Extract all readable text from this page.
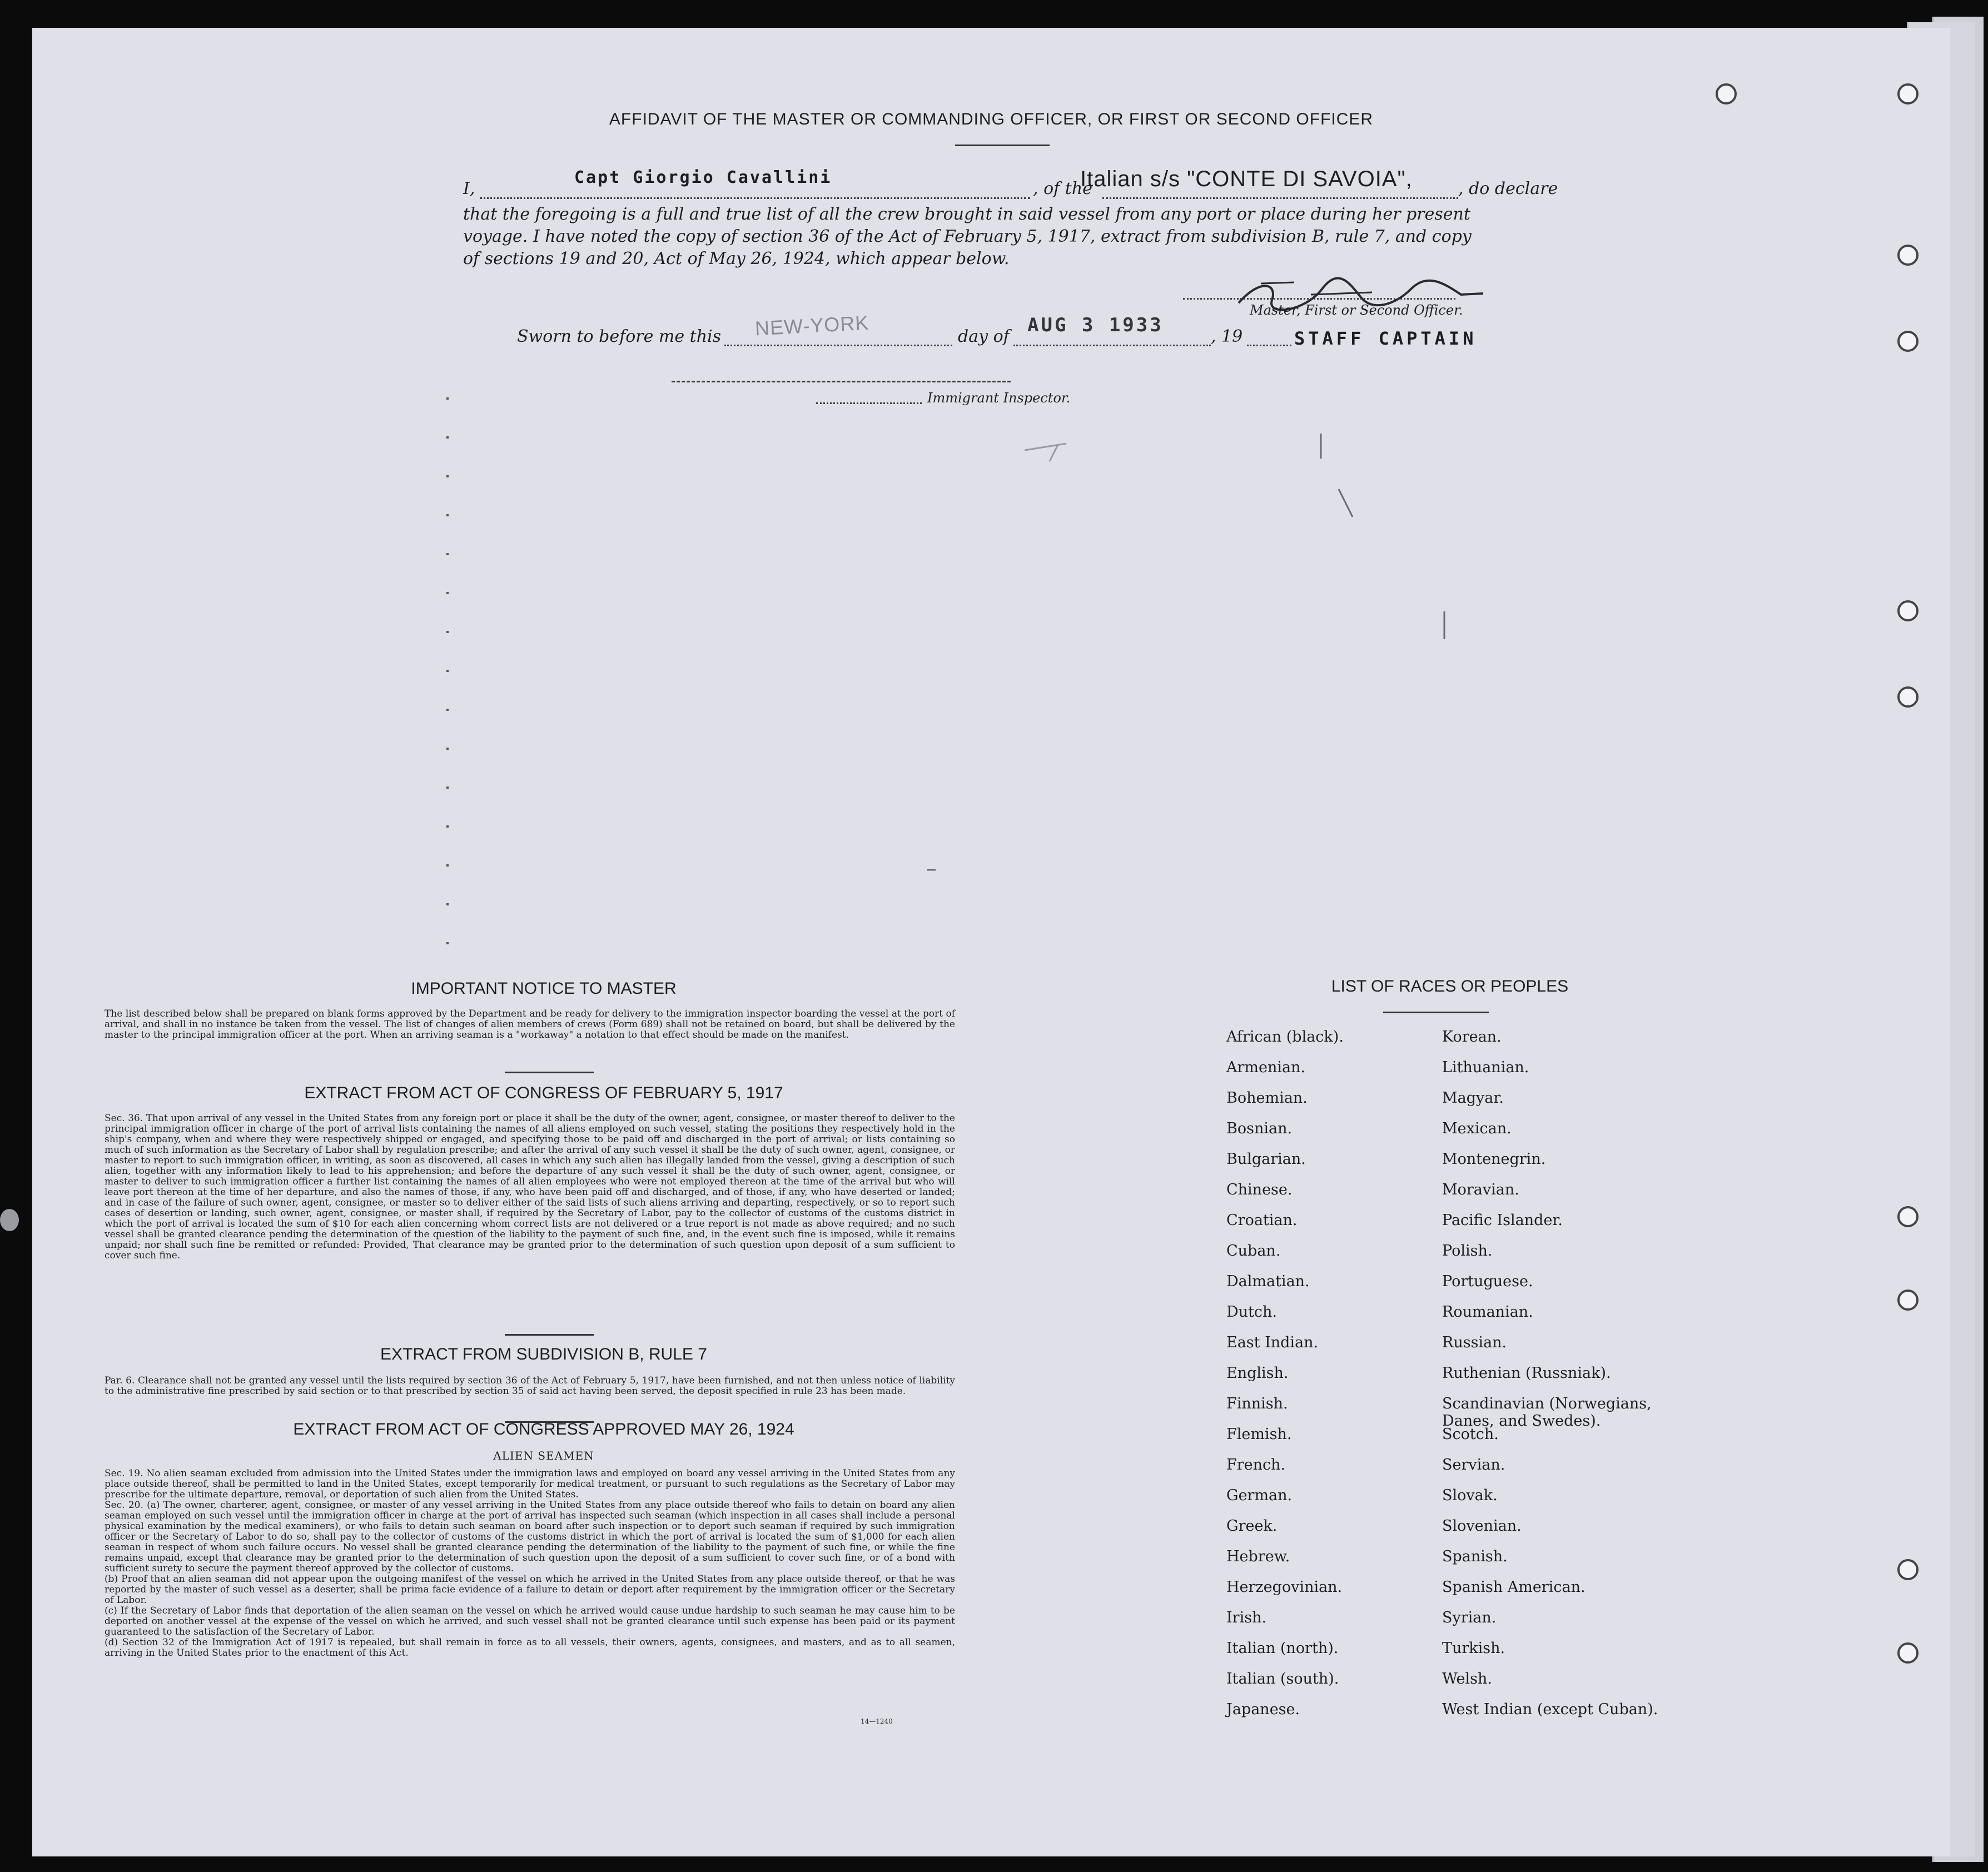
AFFIDAVIT OF THE MASTER OR COMMANDING OFFICER, OR FIRST OR SECOND OFFICER
I,
Capt Giorgio Cavallini
, of the
Italian s/s "CONTE DI SAVOIA",	, do declare
that the foregoing is a full and true list of all the crew brought in said vessel from any port or place during her present
voyage. I have noted the copy of section 36 of the Act of February 5, 1917, extract from subdivision B, rule 7, and copy
of sections 19 and 20, Act of May 26, 1924, which appear below.
Master, First or Second Officer.
Sworn to before me this NEW-YORK	day of
AUG 3 1933
, 19	STAFF CAPTAIN
Immigrant Inspector.
IMPORTANT NOTICE TO MASTER
The list described below shall be prepared on blank forms approved by the Department and be ready for delivery to the immigration inspector boarding the vessel at the port of arrival, and shall in no instance be taken from the vessel. The list of changes of alien members of crews (Form 689) shall not be retained on board, but shall be delivered by the master to the principal immigration officer at the port. When an arriving seaman is a "workaway" a notation to that effect should be made on the manifest.
EXTRACT FROM ACT OF CONGRESS OF FEBRUARY 5, 1917
Sec. 36. That upon arrival of any vessel in the United States from any foreign port or place it shall be the duty of the owner, agent, consignee, or master thereof to deliver to the principal immigration officer in charge of the port of arrival lists containing the names of all aliens employed on such vessel, stating the positions they respectively hold in the ship's company, when and where they were respectively shipped or engaged, and specifying those to be paid off and discharged in the port of arrival; or lists containing so much of such information as the Secretary of Labor shall by regulation prescribe; and after the arrival of any such vessel it shall be the duty of such owner, agent, consignee, or master to report to such immigration officer, in writing, as soon as discovered, all cases in which any such alien has illegally landed from the vessel, giving a description of such alien, together with any information likely to lead to his apprehension; and before the departure of any such vessel it shall be the duty of such owner, agent, consignee, or master to deliver to such immigration officer a further list containing the names of all alien employees who were not employed thereon at the time of the arrival but who will leave port thereon at the time of her departure, and also the names of those, if any, who have been paid off and discharged, and of those, if any, who have deserted or landed; and in case of the failure of such owner, agent, consignee, or master so to deliver either of the said lists of such aliens arriving and departing, respectively, or so to report such cases of desertion or landing, such owner, agent, consignee, or master shall, if required by the Secretary of Labor, pay to the collector of customs of the customs district in which the port of arrival is located the sum of $10 for each alien concerning whom correct lists are not delivered or a true report is not made as above required; and no such vessel shall be granted clearance pending the determination of the question of the liability to the payment of such fine, and, in the event such fine is imposed, while it remains unpaid; nor shall such fine be remitted or refunded: Provided, That clearance may be granted prior to the determination of such question upon deposit of a sum sufficient to cover such fine.
EXTRACT FROM SUBDIVISION B, RULE 7
Par. 6. Clearance shall not be granted any vessel until the lists required by section 36 of the Act of February 5, 1917, have been furnished, and not then unless notice of liability to the administrative fine prescribed by said section or to that prescribed by section 35 of said act having been served, the deposit specified in rule 23 has been made.
EXTRACT FROM ACT OF CONGRESS APPROVED MAY 26, 1924
ALIEN SEAMEN
Sec. 19. No alien seaman excluded from admission into the United States under the immigration laws and employed on board any vessel arriving in the United States from any place outside thereof, shall be permitted to land in the United States, except temporarily for medical treatment, or pursuant to such regulations as the Secretary of Labor may prescribe for the ultimate departure, removal, or deportation of such alien from the United States.
Sec. 20. (a) The owner, charterer, agent, consignee, or master of any vessel arriving in the United States from any place outside thereof who fails to detain on board any alien seaman employed on such vessel until the immigration officer in charge at the port of arrival has inspected such seaman (which inspection in all cases shall include a personal physical examination by the medical examiners), or who fails to detain such seaman on board after such inspection or to deport such seaman if required by such immigration officer or the Secretary of Labor to do so, shall pay to the collector of customs of the customs district in which the port of arrival is located the sum of $1,000 for each alien seaman in respect of whom such failure occurs. No vessel shall be granted clearance pending the determination of the liability to the payment of such fine, or while the fine remains unpaid, except that clearance may be granted prior to the determination of such question upon the deposit of a sum sufficient to cover such fine, or of a bond with sufficient surety to secure the payment thereof approved by the collector of customs.
(b) Proof that an alien seaman did not appear upon the outgoing manifest of the vessel on which he arrived in the United States from any place outside thereof, or that he was reported by the master of such vessel as a deserter, shall be prima facie evidence of a failure to detain or deport after requirement by the immigration officer or the Secretary of Labor.
(c) If the Secretary of Labor finds that deportation of the alien seaman on the vessel on which he arrived would cause undue hardship to such seaman he may cause him to be deported on another vessel at the expense of the vessel on which he arrived, and such vessel shall not be granted clearance until such expense has been paid or its payment guaranteed to the satisfaction of the Secretary of Labor.
(d) Section 32 of the Immigration Act of 1917 is repealed, but shall remain in force as to all vessels, their owners, agents, consignees, and masters, and as to all seamen, arriving in the United States prior to the enactment of this Act.
14—1240
LIST OF RACES OR PEOPLES
African (black).
Armenian.
Bohemian.
Bosnian.
Bulgarian.
Chinese.
Croatian.
Cuban.
Dalmatian.
Dutch.
East Indian.
English.
Finnish.
Flemish.
French.
German.
Greek.
Hebrew.
Herzegovinian.
Irish.
Italian (north).
Italian (south).
Japanese.
Korean.
Lithuanian.
Magyar.
Mexican.
Montenegrin.
Moravian.
Pacific Islander.
Polish.
Portuguese.
Roumanian.
Russian.
Ruthenian (Russniak).
Scandinavian (Norwegians, Danes, and Swedes).
Scotch.
Servian.
Slovak.
Slovenian.
Spanish.
Spanish American.
Syrian.
Turkish.
Welsh.
West Indian (except Cuban).
